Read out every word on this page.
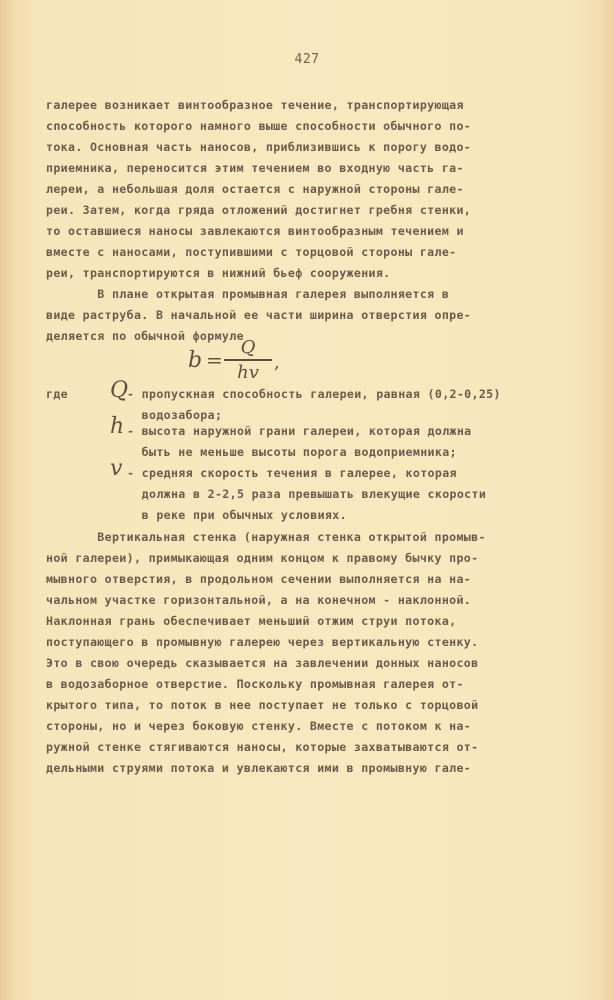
427
галерее возникает винтообразное течение, транспортирующая
способность которого намного выше способности обычного по-
тока. Основная часть наносов, приблизившись к порогу водо-
приемника, переносится этим течением во входную часть га-
лереи, а небольшая доля остается с наружной стороны гале-
реи. Затем, когда гряда отложений достигнет гребня стенки,
то оставшиеся наносы завлекаются винтообразным течением и
вместе с наносами, поступившими с торцовой стороны гале-
реи, транспортируются в нижний бьеф сооружения.
В плане открытая промывная галерея выполняется в
виде раструба. В начальной ее части ширина отверстия опре-
деляется по обычной формуле
b =
Q
hv ,
где Q
- пропускная способность галереи, равная (0,2-0,25)
водозабора;
h - высота наружной грани галереи, которая должна
быть не меньше высоты порога водоприемника;
v - средняя скорость течения в галерее, которая
должна в 2-2,5 раза превышать влекущие скорости
в реке при обычных условиях.
Вертикальная стенка (наружная стенка открытой промыв-
ной галереи), примыкающая одним концом к правому бычку про-
мывного отверстия, в продольном сечении выполняется на на-
чальном участке горизонтальной, а на конечном - наклонной.
Наклонная грань обеспечивает меньший отжим струи потока,
поступающего в промывную галерею через вертикальную стенку.
Это в свою очередь сказывается на завлечении донных наносов
в водозаборное отверстие. Поскольку промывная галерея от-
крытого типа, то поток в нее поступает не только с торцовой
стороны, но и через боковую стенку. Вместе с потоком к на-
ружной стенке стягиваются наносы, которые захватываются от-
дельными струями потока и увлекаются ими в промывную гале-
